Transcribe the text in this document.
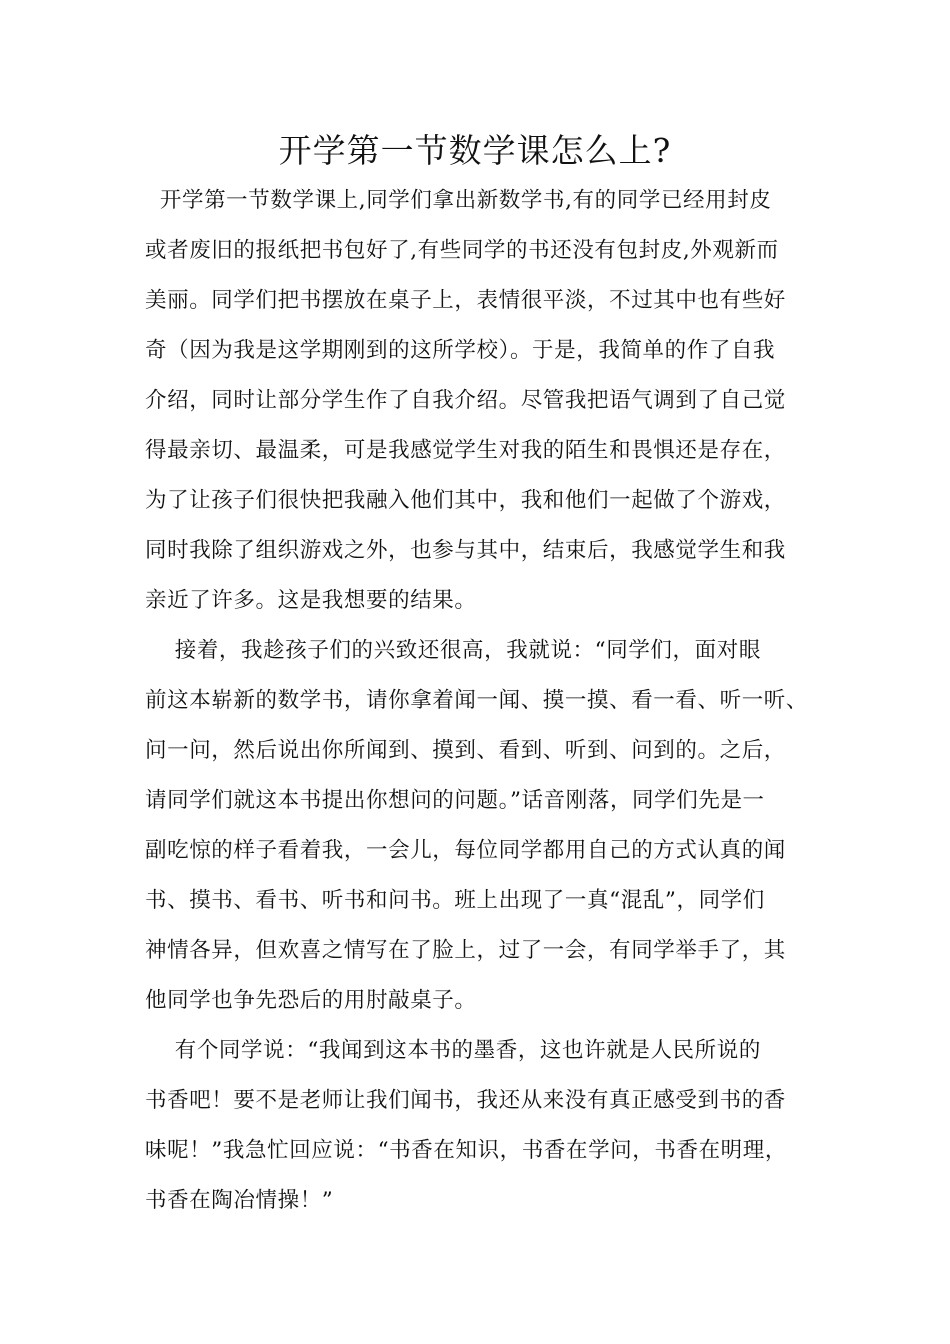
开学第一节数学课怎么上?
开学第一节数学课上,同学们拿出新数学书,有的同学已经用封皮
或者废旧的报纸把书包好了,有些同学的书还没有包封皮,外观新而
美丽。同学们把书摆放在桌子上，表情很平淡，不过其中也有些好
奇（因为我是这学期刚到的这所学校）。于是，我简单的作了自我
介绍，同时让部分学生作了自我介绍。尽管我把语气调到了自己觉
得最亲切、最温柔，可是我感觉学生对我的陌生和畏惧还是存在，
为了让孩子们很快把我融入他们其中，我和他们一起做了个游戏，
同时我除了组织游戏之外，也参与其中，结束后，我感觉学生和我
亲近了许多。这是我想要的结果。
接着，我趁孩子们的兴致还很高，我就说：“同学们，面对眼
前这本崭新的数学书，请你拿着闻一闻、摸一摸、看一看、听一听、
问一问，然后说出你所闻到、摸到、看到、听到、问到的。之后，
请同学们就这本书提出你想问的问题。”话音刚落，同学们先是一
副吃惊的样子看着我，一会儿，每位同学都用自己的方式认真的闻
书、摸书、看书、听书和问书。班上出现了一真“混乱”，同学们
神情各异，但欢喜之情写在了脸上，过了一会，有同学举手了，其
他同学也争先恐后的用肘敲桌子。
有个同学说：“我闻到这本书的墨香，这也许就是人民所说的
书香吧！要不是老师让我们闻书，我还从来没有真正感受到书的香
味呢！”我急忙回应说：“书香在知识，书香在学问，书香在明理，
书香在陶冶情操！”
